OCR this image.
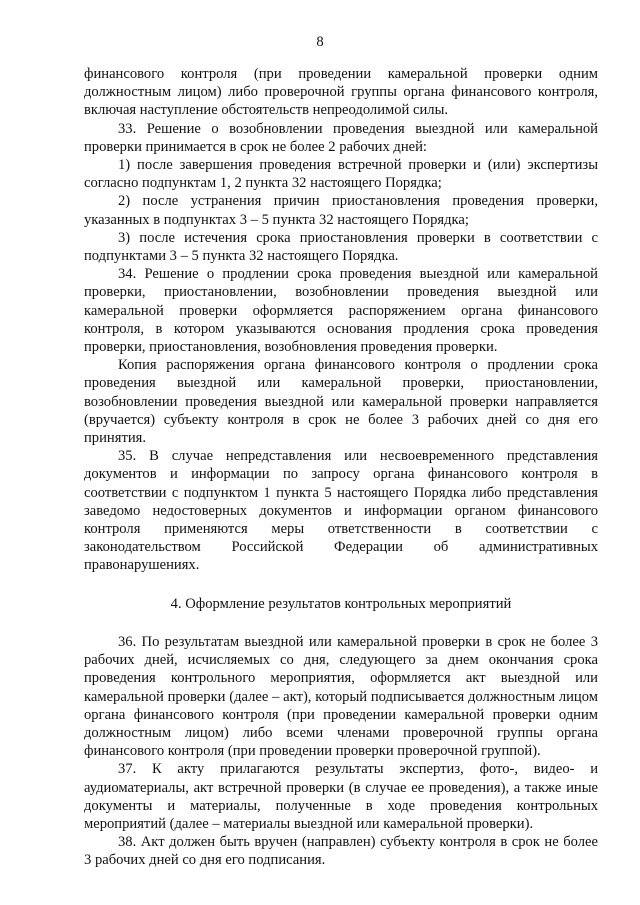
8

финансового контроля (при проведении камеральной проверки одним должностным лицом) либо проверочной группы органа финансового контроля, включая наступление обстоятельств непреодолимой силы.

33. Решение о возобновлении проведения выездной или камеральной проверки принимается в срок не более 2 рабочих дней:

1) после завершения проведения встречной проверки и (или) экспертизы согласно подпунктам 1, 2 пункта 32 настоящего Порядка;

2) после устранения причин приостановления проведения проверки, указанных в подпунктах 3 – 5 пункта 32 настоящего Порядка;

3) после истечения срока приостановления проверки в соответствии с подпунктами 3 – 5 пункта 32 настоящего Порядка.

34. Решение о продлении срока проведения выездной или камеральной проверки, приостановлении, возобновлении проведения выездной или камеральной проверки оформляется распоряжением органа финансового контроля, в котором указываются основания продления срока проведения проверки, приостановления, возобновления проведения проверки.

Копия распоряжения органа финансового контроля о продлении срока проведения выездной или камеральной проверки, приостановлении, возобновлении проведения выездной или камеральной проверки направляется (вручается) субъекту контроля в срок не более 3 рабочих дней со дня его принятия.

35. В случае непредставления или несвоевременного представления документов и информации по запросу органа финансового контроля в соответствии с подпунктом 1 пункта 5 настоящего Порядка либо представления заведомо недостоверных документов и информации органом финансового контроля применяются меры ответственности в соответствии с законодательством Российской Федерации об административных правонарушениях.

4. Оформление результатов контрольных мероприятий

36. По результатам выездной или камеральной проверки в срок не более 3 рабочих дней, исчисляемых со дня, следующего за днем окончания срока проведения контрольного мероприятия, оформляется акт выездной или камеральной проверки (далее – акт), который подписывается должностным лицом органа финансового контроля (при проведении камеральной проверки одним должностным лицом) либо всеми членами проверочной группы органа финансового контроля (при проведении проверки проверочной группой).

37. К акту прилагаются результаты экспертиз, фото-, видео- и аудиоматериалы, акт встречной проверки (в случае ее проведения), а также иные документы и материалы, полученные в ходе проведения контрольных мероприятий (далее – материалы выездной или камеральной проверки).

38. Акт должен быть вручен (направлен) субъекту контроля в срок не более 3 рабочих дней со дня его подписания.
